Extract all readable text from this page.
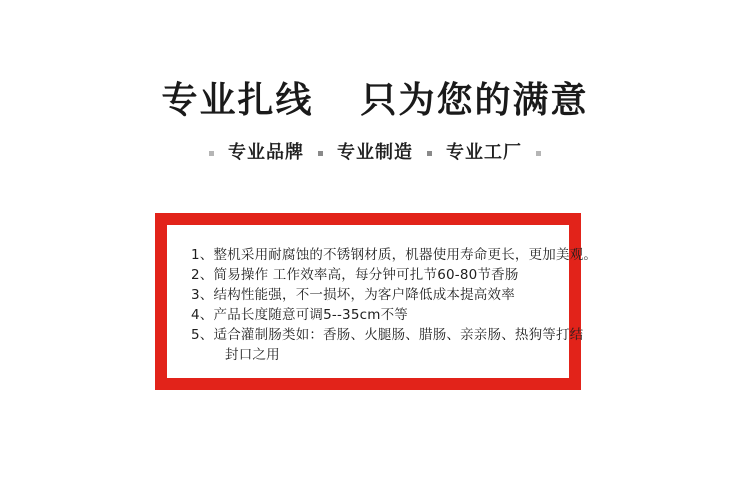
专业扎线 只为您的满意
专业品牌 专业制造 专业工厂
1、整机采用耐腐蚀的不锈钢材质，机器使用寿命更长，更加美观。
2、简易操作 工作效率高，每分钟可扎节60-80节香肠
3、结构性能强，不一损坏，为客户降低成本提高效率
4、产品长度随意可调5--35cm不等
5、适合灌制肠类如：香肠、火腿肠、腊肠、亲亲肠、热狗等打结
封口之用
